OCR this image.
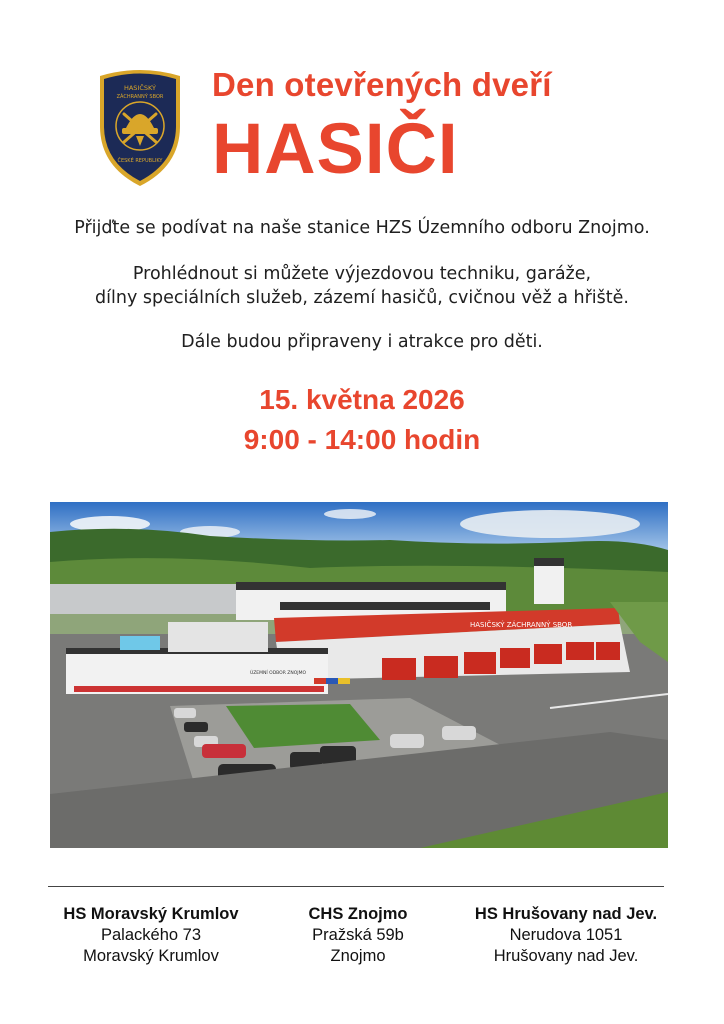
HASIČSKÝ
ZÁCHRANNÝ SBOR
ČESKÉ REPUBLIKY
Den otevřených dveří
HASIČI
Přijďte se podívat na naše stanice HZS Územního odboru Znojmo.
Prohlédnout si můžete výjezdovou techniku, garáže,
dílny speciálních služeb, zázemí hasičů, cvičnou věž a hřiště.
Dále budou připraveny i atrakce pro děti.
15. května 2026
9:00 - 14:00 hodin
HASIČSKÝ ZÁCHRANNÝ SBOR
ÚZEMNÍ ODBOR ZNOJMO
HS Moravský Krumlov
Palackého 73
Moravský Krumlov
CHS Znojmo
Pražská 59b
Znojmo
HS Hrušovany nad Jev.
Nerudova 1051
Hrušovany nad Jev.
